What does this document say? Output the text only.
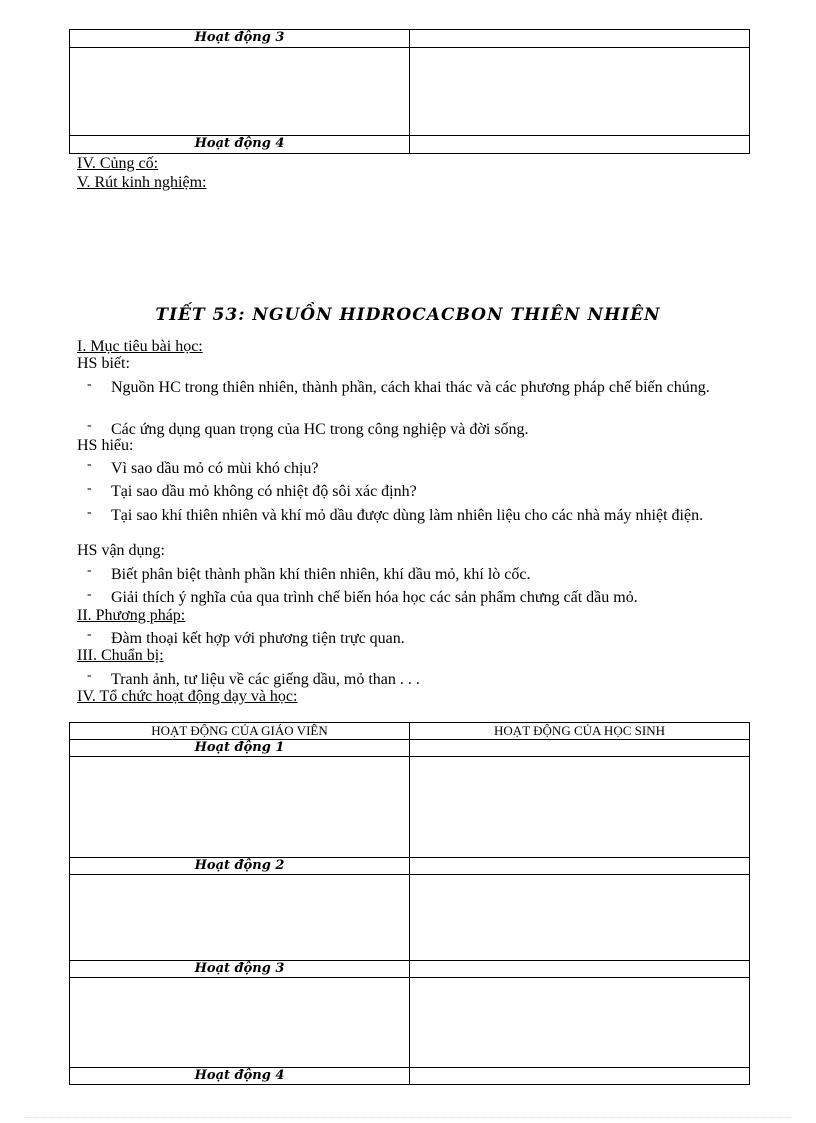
Hoạt động 3	

Hoạt động 4	

IV. Củng cố:
V. Rút kinh nghiệm:
TIẾT 53: NGUỒN HIDROCACBON THIÊN NHIÊN
I. Mục tiêu bài học:
HS biết:
- Nguồn HC trong thiên nhiên, thành phần, cách khai thác và các phương pháp chế biến chúng.
- Các ứng dụng quan trọng của HC trong công nghiệp và đời sống.
HS hiểu:
- Vì sao dầu mỏ có mùi khó chịu?
- Tại sao dầu mỏ không có nhiệt độ sôi xác định?
- Tại sao khí thiên nhiên và khí mỏ dầu được dùng làm nhiên liệu cho các nhà máy nhiệt điện.
HS vận dụng:
- Biết phân biệt thành phần khí thiên nhiên, khí dầu mỏ, khí lò cốc.
- Giải thích ý nghĩa của qua trình chế biến hóa học các sản phẩm chưng cất dầu mỏ.
II. Phương pháp:
- Đàm thoại kết hợp với phương tiện trực quan.
III. Chuẩn bị:
- Tranh ảnh, tư liệu về các giếng dầu, mỏ than . . .
IV. Tổ chức hoạt động dạy và học:
HOẠT ĐỘNG CỦA GIÁO VIÊN	HOẠT ĐỘNG CỦA HỌC SINH

Hoạt động 1	

Hoạt động 2	

Hoạt động 3	

Hoạt động 4	
